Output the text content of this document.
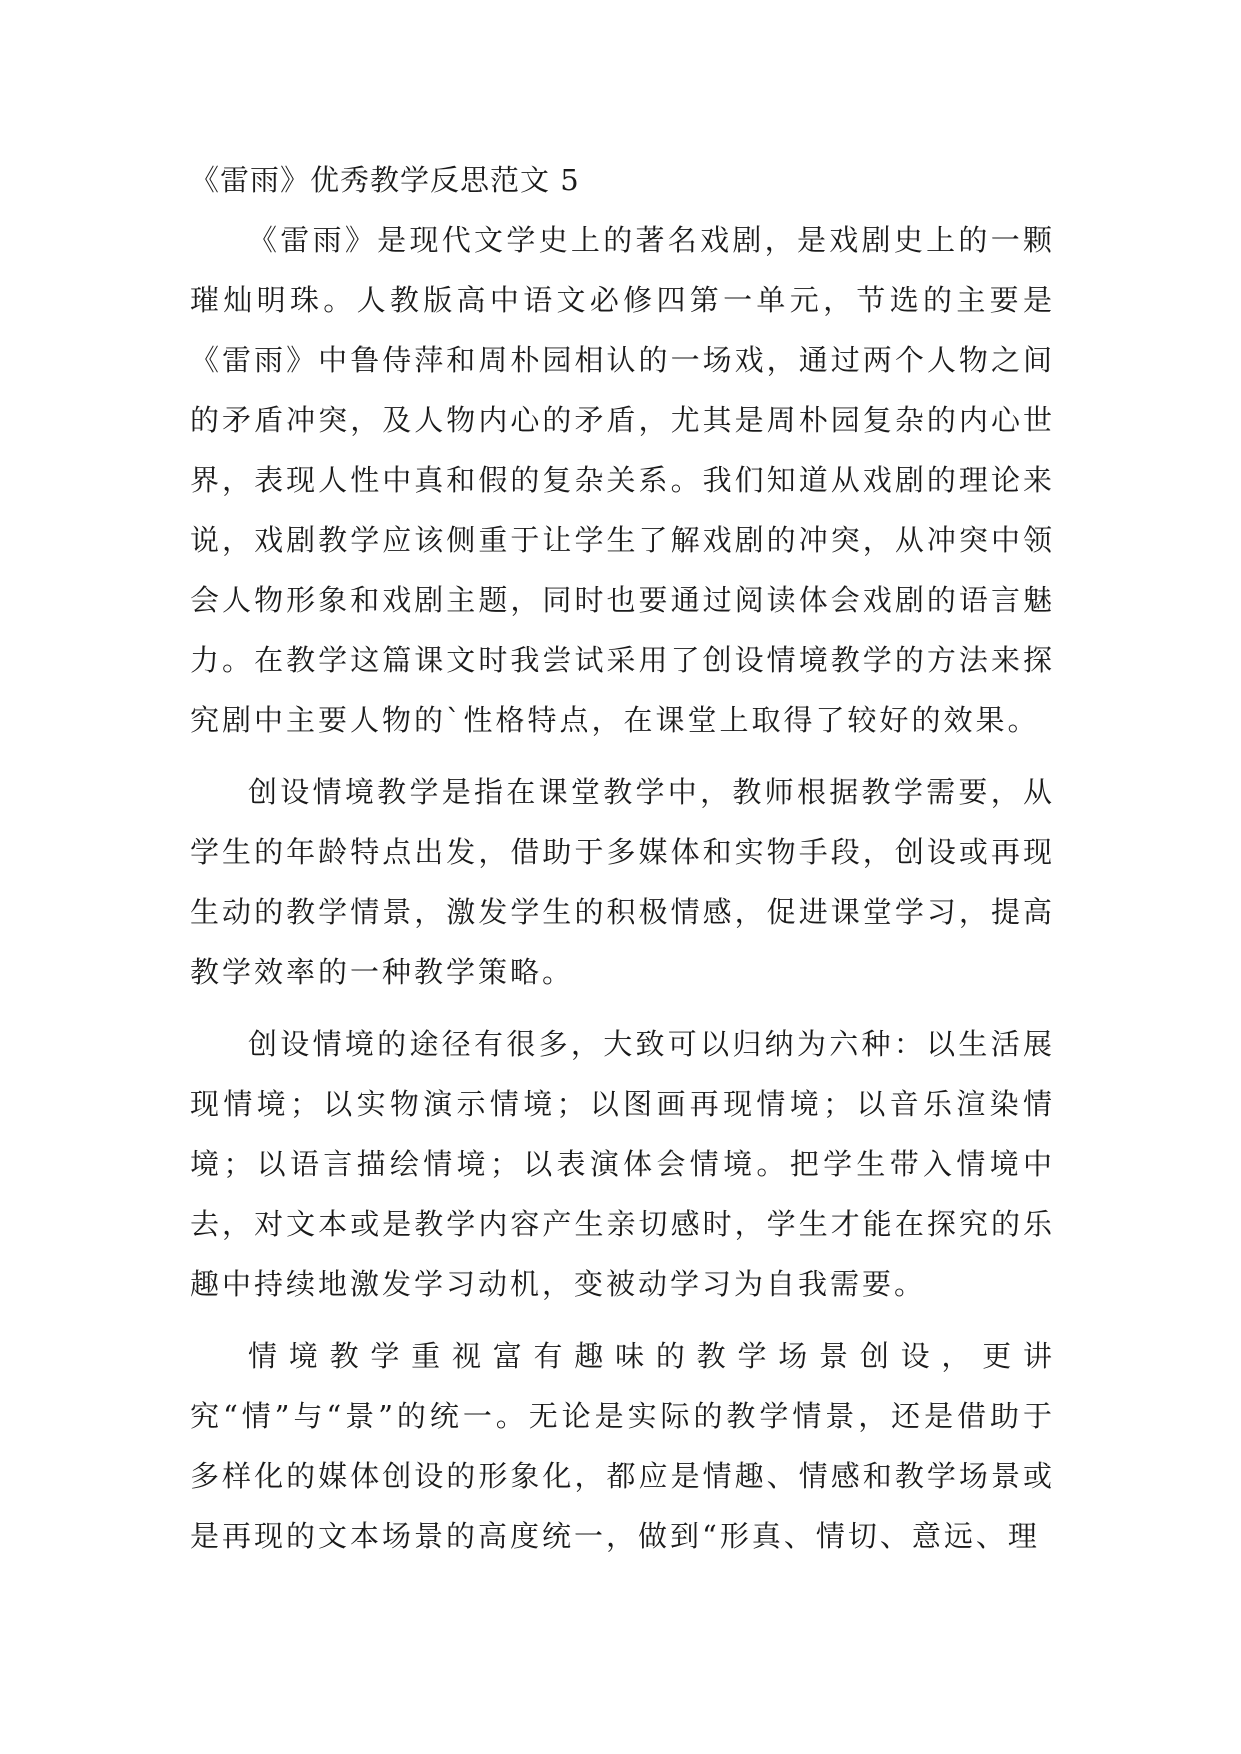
《雷雨》优秀教学反思范文 5

《雷雨》是现代文学史上的著名戏剧，是戏剧史上的一颗璀灿明珠。人教版高中语文必修四第一单元，节选的主要是《雷雨》中鲁侍萍和周朴园相认的一场戏，通过两个人物之间的矛盾冲突，及人物内心的矛盾，尤其是周朴园复杂的内心世界，表现人性中真和假的复杂关系。我们知道从戏剧的理论来说，戏剧教学应该侧重于让学生了解戏剧的冲突，从冲突中领会人物形象和戏剧主题，同时也要通过阅读体会戏剧的语言魅力。在教学这篇课文时我尝试采用了创设情境教学的方法来探究剧中主要人物的`性格特点，在课堂上取得了较好的效果。

创设情境教学是指在课堂教学中，教师根据教学需要，从学生的年龄特点出发，借助于多媒体和实物手段，创设或再现生动的教学情景，激发学生的积极情感，促进课堂学习，提高教学效率的一种教学策略。

创设情境的途径有很多，大致可以归纳为六种：以生活展现情境；以实物演示情境；以图画再现情境；以音乐渲染情境；以语言描绘情境；以表演体会情境。把学生带入情境中去，对文本或是教学内容产生亲切感时，学生才能在探究的乐趣中持续地激发学习动机，变被动学习为自我需要。

情境教学重视富有趣味的教学场景创设，更讲究“情”与“景”的统一。无论是实际的教学情景，还是借助于多样化的媒体创设的形象化，都应是情趣、情感和教学场景或是再现的文本场景的高度统一，做到“形真、情切、意远、理
